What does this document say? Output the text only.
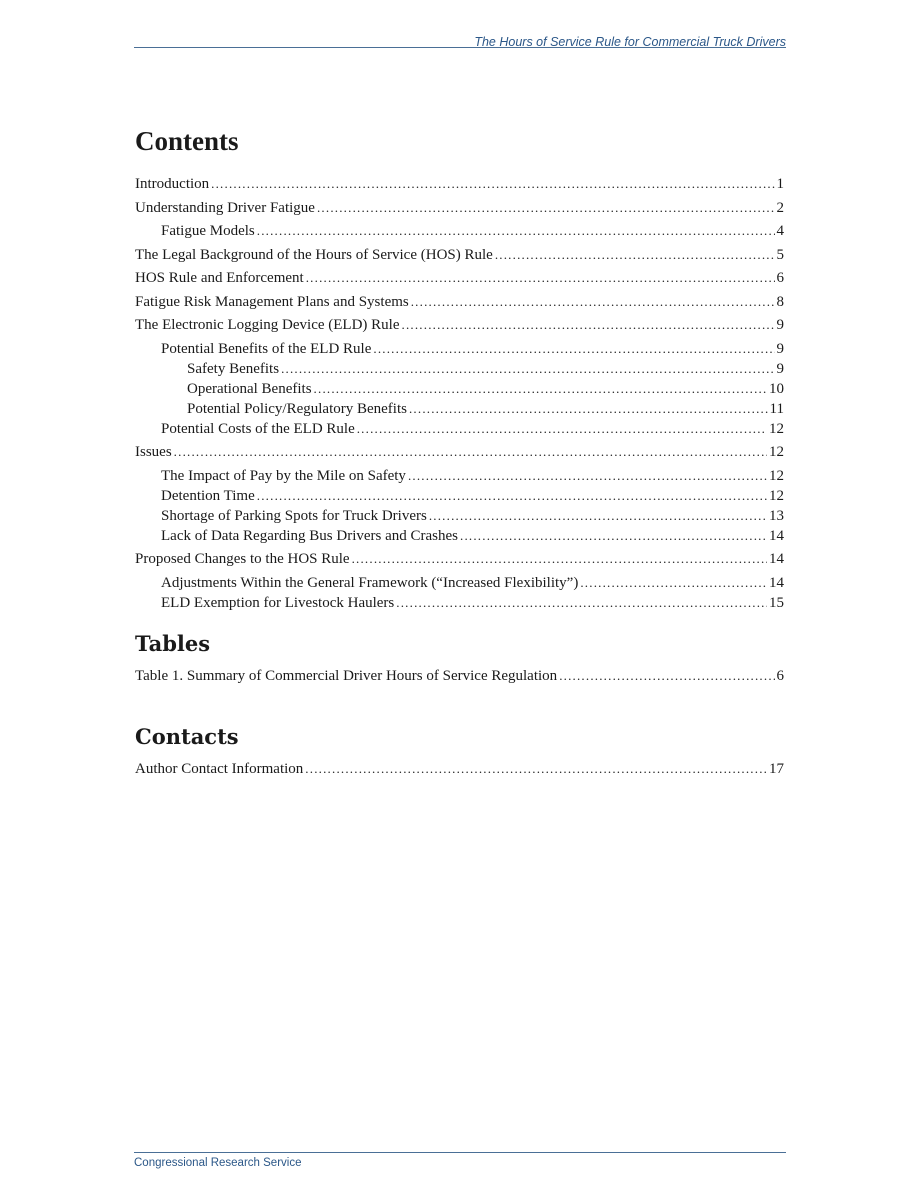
The Hours of Service Rule for Commercial Truck Drivers
Contents
Introduction .....	1
Understanding Driver Fatigue .....	2
Fatigue Models .....	4
The Legal Background of the Hours of Service (HOS) Rule .....	5
HOS Rule and Enforcement .....	6
Fatigue Risk Management Plans and Systems .....	8
The Electronic Logging Device (ELD) Rule .....	9
Potential Benefits of the ELD Rule .....	9
Safety Benefits .....	9
Operational Benefits .....	10
Potential Policy/Regulatory Benefits .....	11
Potential Costs of the ELD Rule .....	12
Issues .....	12
The Impact of Pay by the Mile on Safety .....	12
Detention Time .....	12
Shortage of Parking Spots for Truck Drivers .....	13
Lack of Data Regarding Bus Drivers and Crashes .....	14
Proposed Changes to the HOS Rule .....	14
Adjustments Within the General Framework (“Increased Flexibility”) .....	14
ELD Exemption for Livestock Haulers .....	15
Tables
Table 1. Summary of Commercial Driver Hours of Service Regulation .....	6
Contacts
Author Contact Information .....	17
Congressional Research Service
